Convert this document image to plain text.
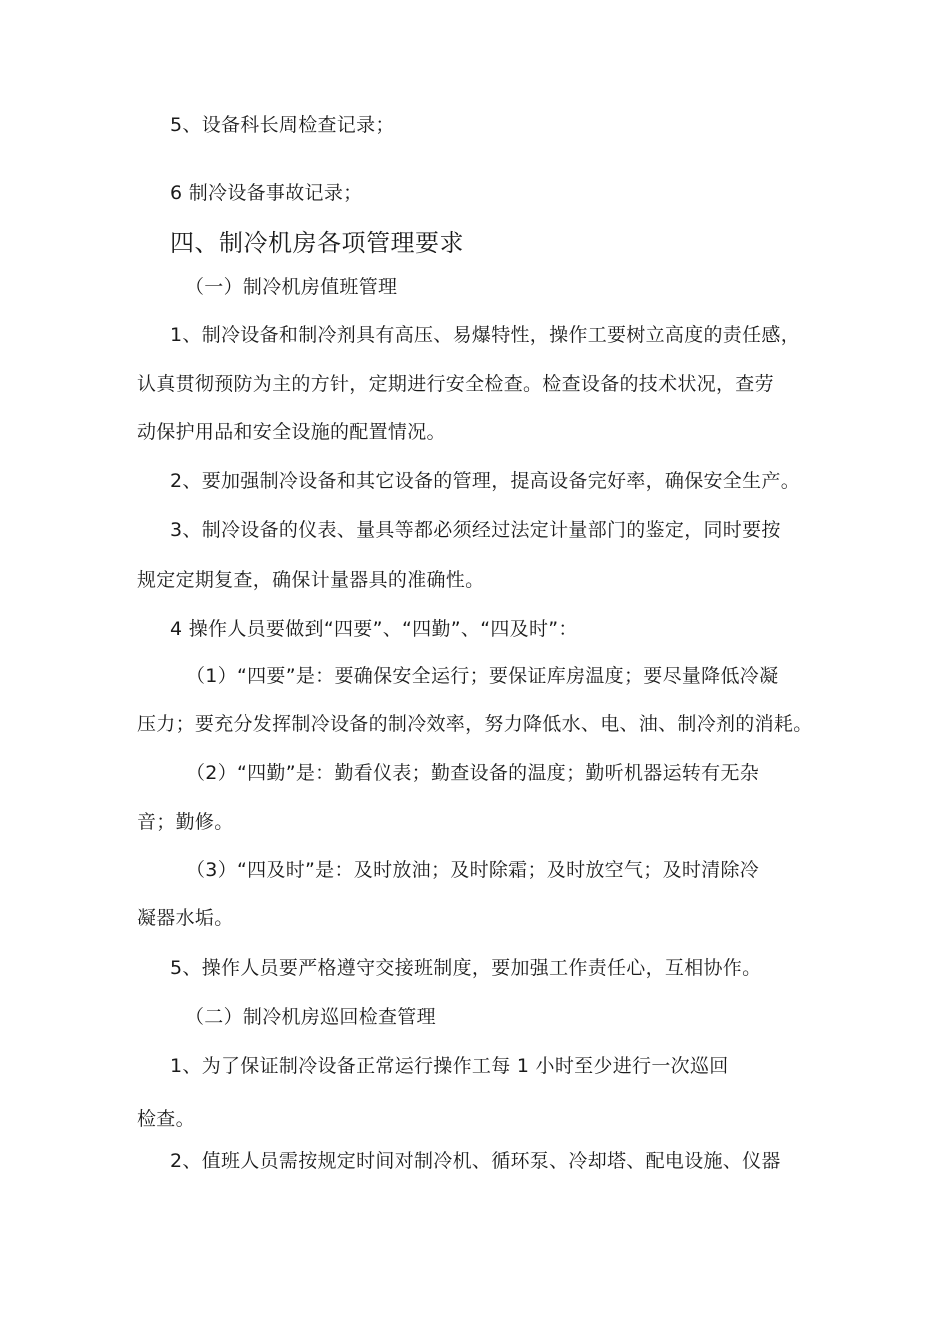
5、设备科长周检查记录；
6 制冷设备事故记录；
四、制冷机房各项管理要求
（一）制冷机房值班管理
1、制冷设备和制冷剂具有高压、易爆特性，操作工要树立高度的责任感，
认真贯彻预防为主的方针，定期进行安全检查。检查设备的技术状况，查劳
动保护用品和安全设施的配置情况。
2、要加强制冷设备和其它设备的管理，提高设备完好率，确保安全生产。
3、制冷设备的仪表、量具等都必须经过法定计量部门的鉴定，同时要按
规定定期复查，确保计量器具的准确性。
4 操作人员要做到“四要”、“四勤”、“四及时”：
（1）“四要”是：要确保安全运行；要保证库房温度；要尽量降低冷凝
压力；要充分发挥制冷设备的制冷效率，努力降低水、电、油、制冷剂的消耗。
（2）“四勤”是：勤看仪表；勤查设备的温度；勤听机器运转有无杂
音；勤修。
（3）“四及时”是：及时放油；及时除霜；及时放空气；及时清除冷
凝器水垢。
5、操作人员要严格遵守交接班制度，要加强工作责任心，互相协作。
（二）制冷机房巡回检查管理
1、为了保证制冷设备正常运行操作工每 1 小时至少进行一次巡回
检查。
2、值班人员需按规定时间对制冷机、循环泵、冷却塔、配电设施、仪器
